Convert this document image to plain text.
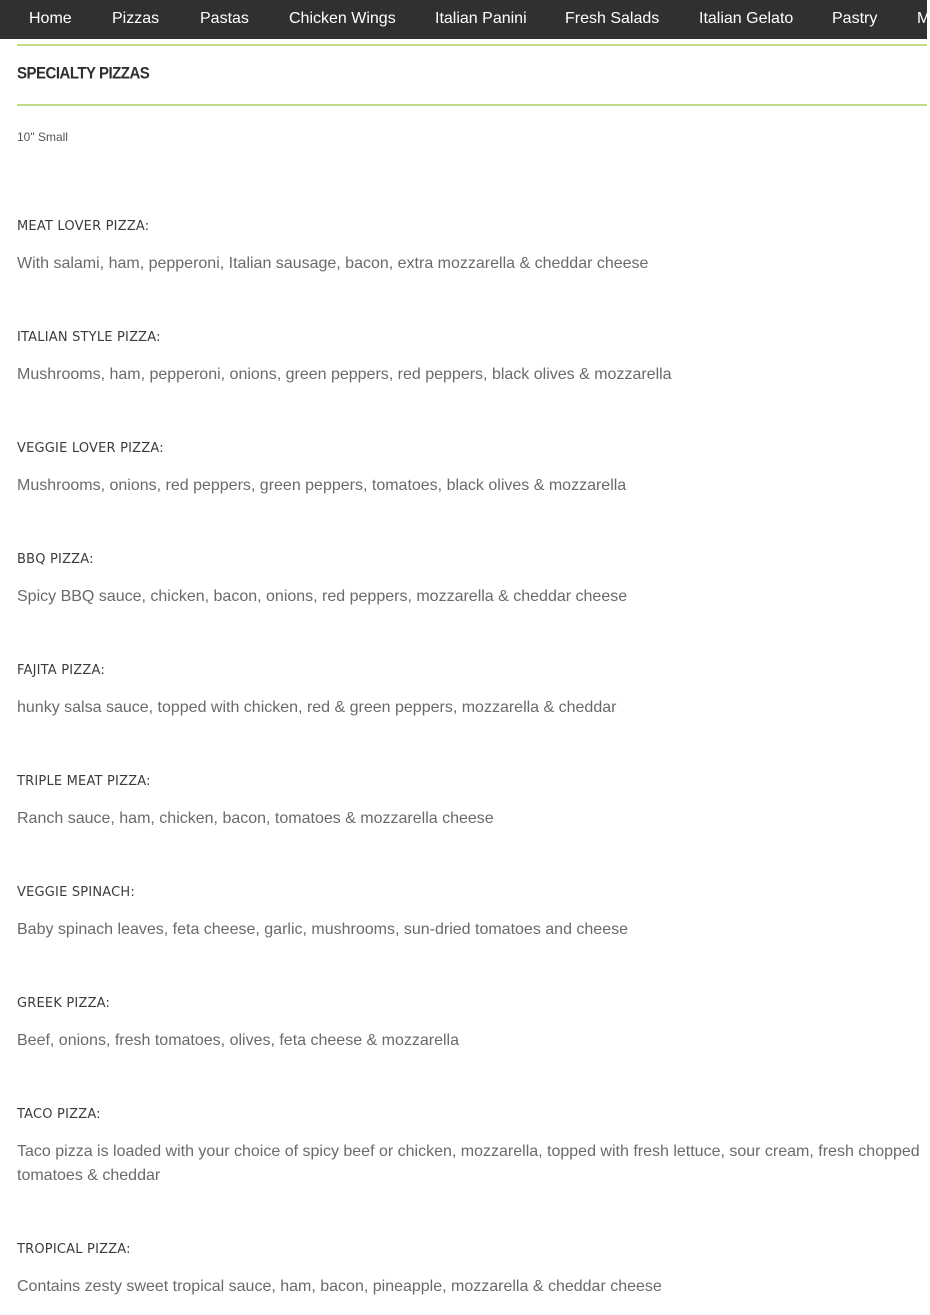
Home	Pizzas	Pastas	Chicken Wings Italian Panini Fresh Salads Italian Gelato Pastry M
SPECIALTY PIZZAS
10" Small
MEAT LOVER PIZZA:
With salami, ham, pepperoni, Italian sausage, bacon, extra mozzarella & cheddar cheese
ITALIAN STYLE PIZZA:
Mushrooms, ham, pepperoni, onions, green peppers, red peppers, black olives & mozzarella
VEGGIE LOVER PIZZA:
Mushrooms, onions, red peppers, green peppers, tomatoes, black olives & mozzarella
BBQ PIZZA:
Spicy BBQ sauce, chicken, bacon, onions, red peppers, mozzarella & cheddar cheese
FAJITA PIZZA:
hunky salsa sauce, topped with chicken, red & green peppers, mozzarella & cheddar
TRIPLE MEAT PIZZA:
Ranch sauce, ham, chicken, bacon, tomatoes & mozzarella cheese
VEGGIE SPINACH:
Baby spinach leaves, feta cheese, garlic, mushrooms, sun-dried tomatoes and cheese
GREEK PIZZA:
Beef, onions, fresh tomatoes, olives, feta cheese & mozzarella
TACO PIZZA:
Taco pizza is loaded with your choice of spicy beef or chicken, mozzarella, topped with fresh lettuce, sour cream, fresh chopped tomatoes & cheddar
TROPICAL PIZZA:
Contains zesty sweet tropical sauce, ham, bacon, pineapple, mozzarella & cheddar cheese
